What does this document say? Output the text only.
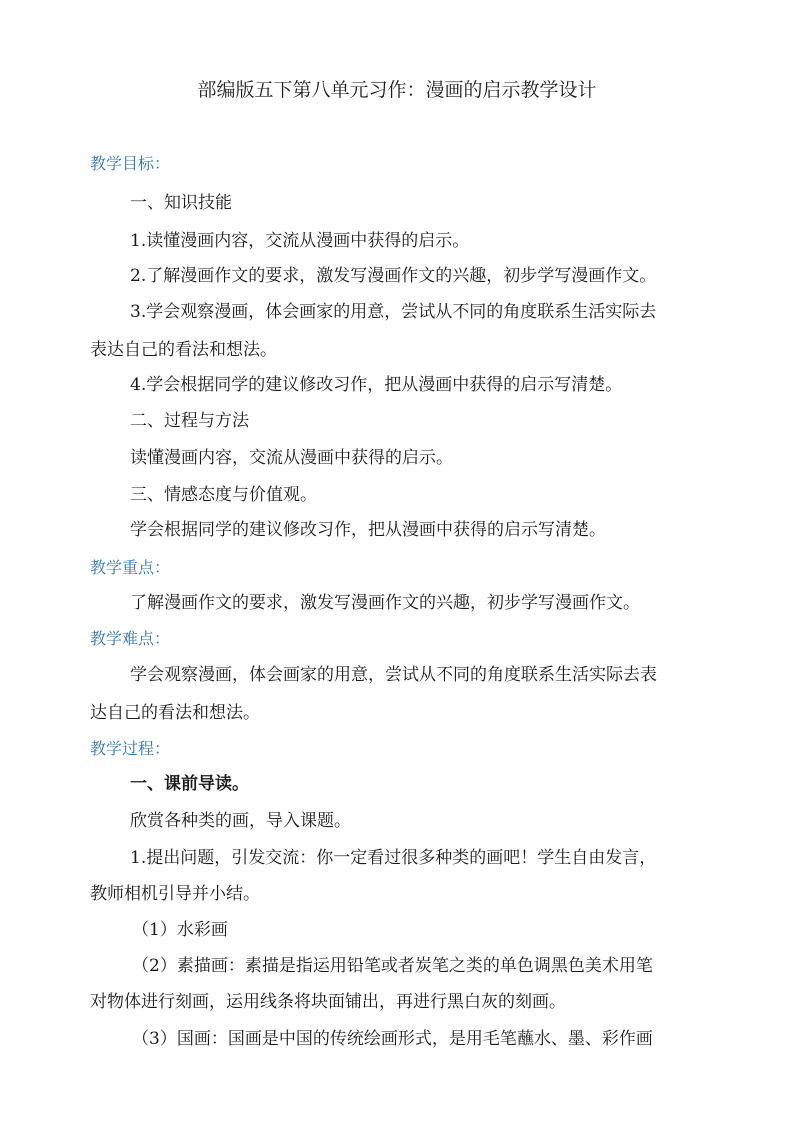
部编版五下第八单元习作：漫画的启示教学设计
教学目标：
一、知识技能
1.读懂漫画内容，交流从漫画中获得的启示。
2.了解漫画作文的要求，激发写漫画作文的兴趣，初步学写漫画作文。
3.学会观察漫画，体会画家的用意，尝试从不同的角度联系生活实际去
表达自己的看法和想法。
4.学会根据同学的建议修改习作，把从漫画中获得的启示写清楚。
二、过程与方法
读懂漫画内容，交流从漫画中获得的启示。
三、情感态度与价值观。
学会根据同学的建议修改习作，把从漫画中获得的启示写清楚。
教学重点：
了解漫画作文的要求，激发写漫画作文的兴趣，初步学写漫画作文。
教学难点：
学会观察漫画，体会画家的用意，尝试从不同的角度联系生活实际去表
达自己的看法和想法。
教学过程：
一、课前导读。
欣赏各种类的画，导入课题。
1.提出问题，引发交流：你一定看过很多种类的画吧！学生自由发言，
教师相机引导并小结。
（1）水彩画
（2）素描画：素描是指运用铅笔或者炭笔之类的单色调黑色美术用笔
对物体进行刻画，运用线条将块面铺出，再进行黑白灰的刻画。
（3）国画：国画是中国的传统绘画形式，是用毛笔蘸水、墨、彩作画
